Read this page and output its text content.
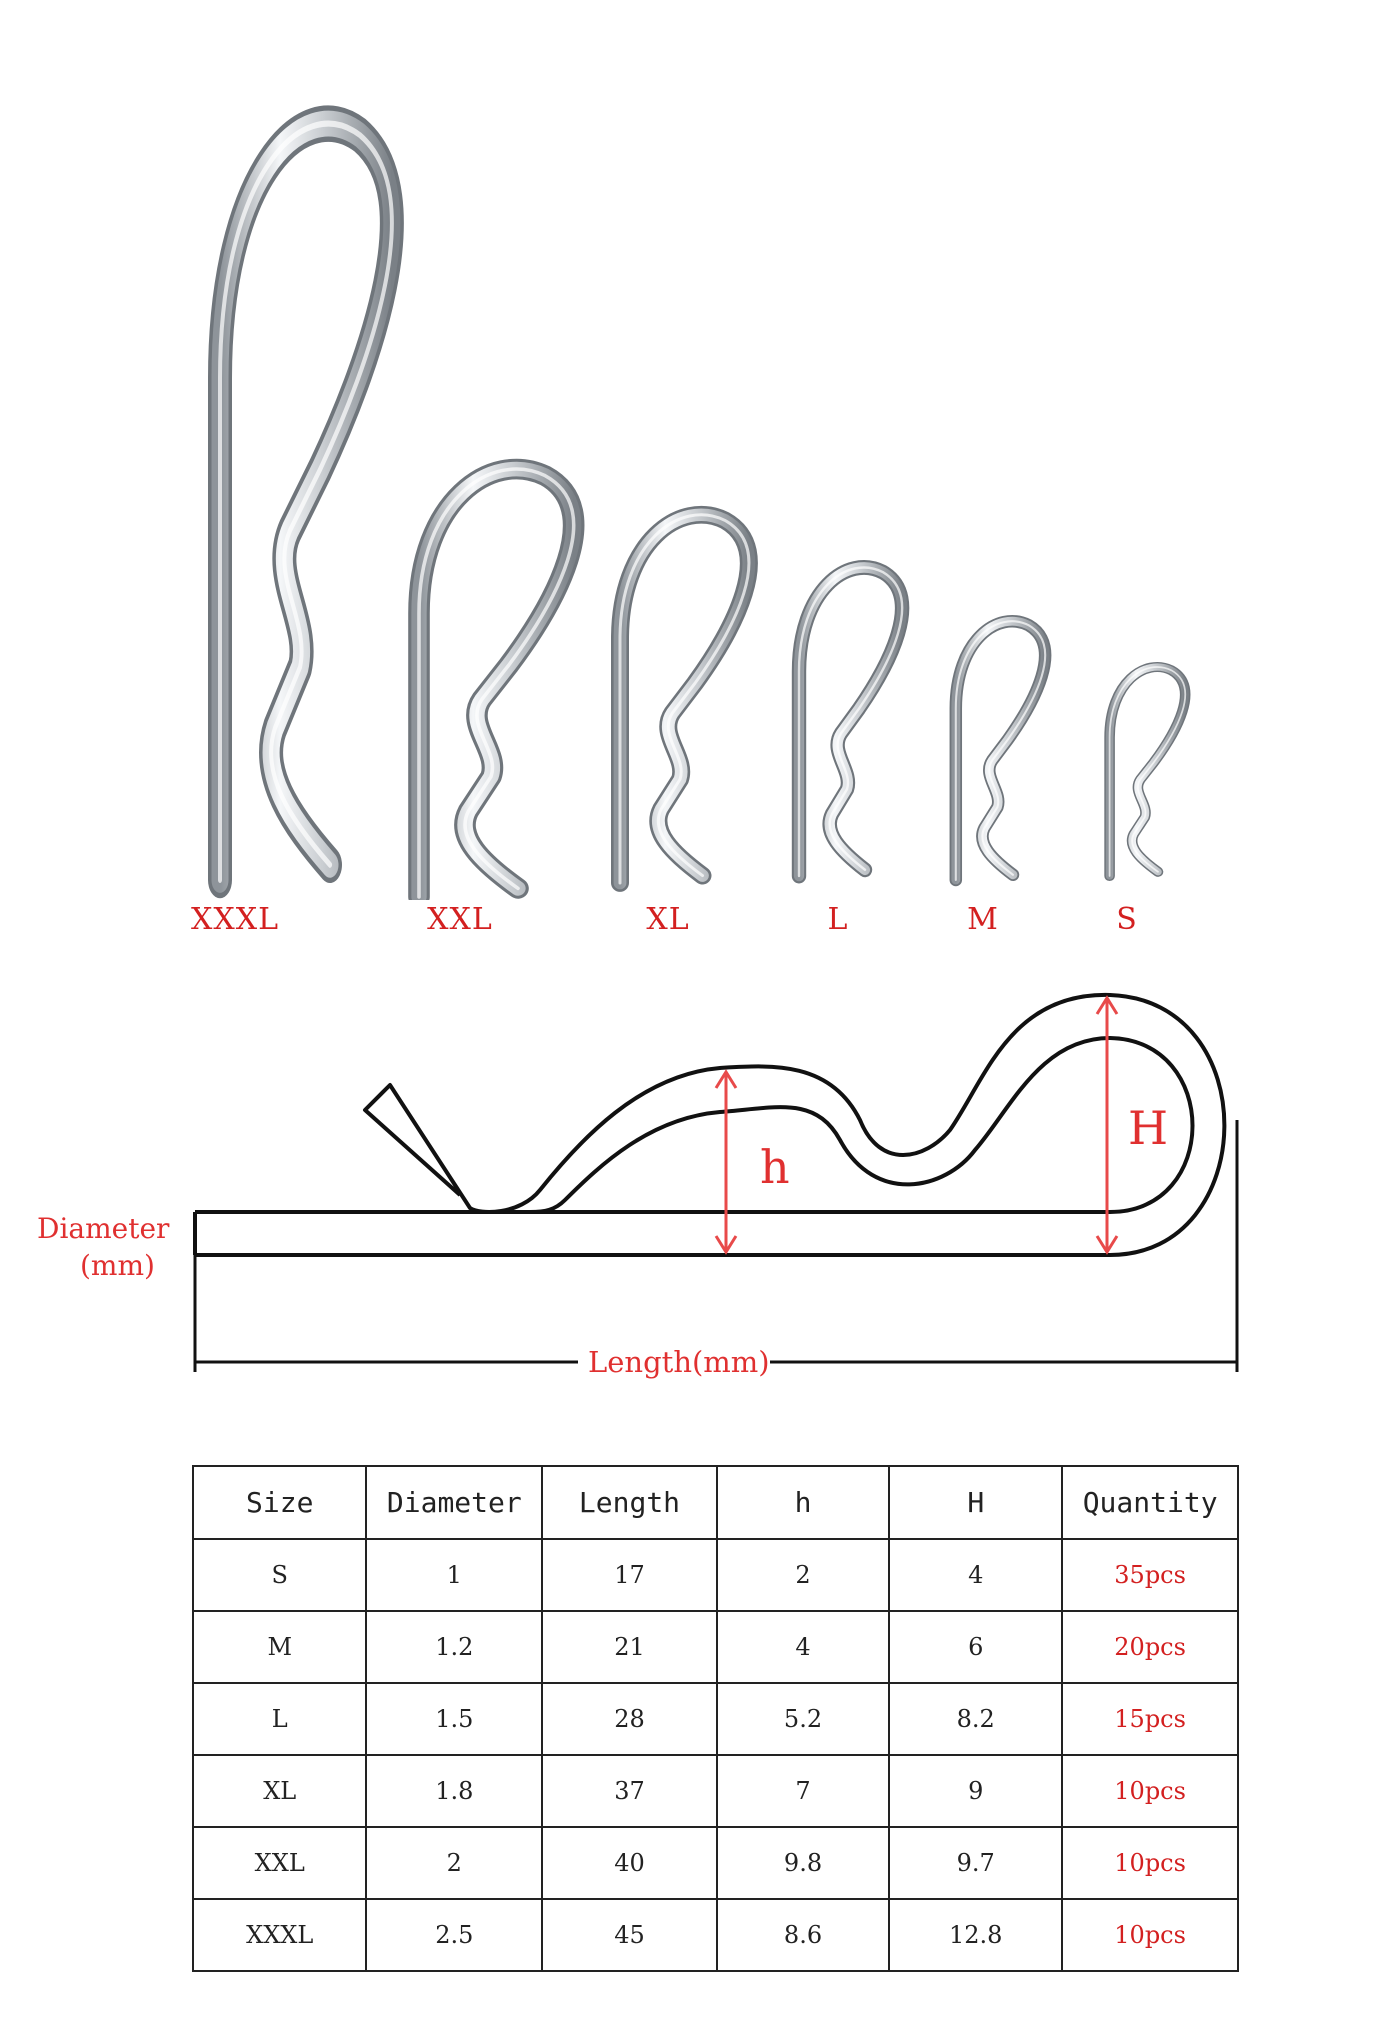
XXXL	XXL	XL	L	M	S
h
H
Diameter
(mm)
Length(mm)
Size	Diameter	Length	h	H	Quantity
S	1	17	2	4	35pcs
M	1.2	21	4	6	20pcs
L	1.5	28	5.2	8.2	15pcs
XL	1.8	37	7	9	10pcs
XXL	2	40	9.8	9.7	10pcs
XXXL	2.5	45	8.6	12.8	10pcs
